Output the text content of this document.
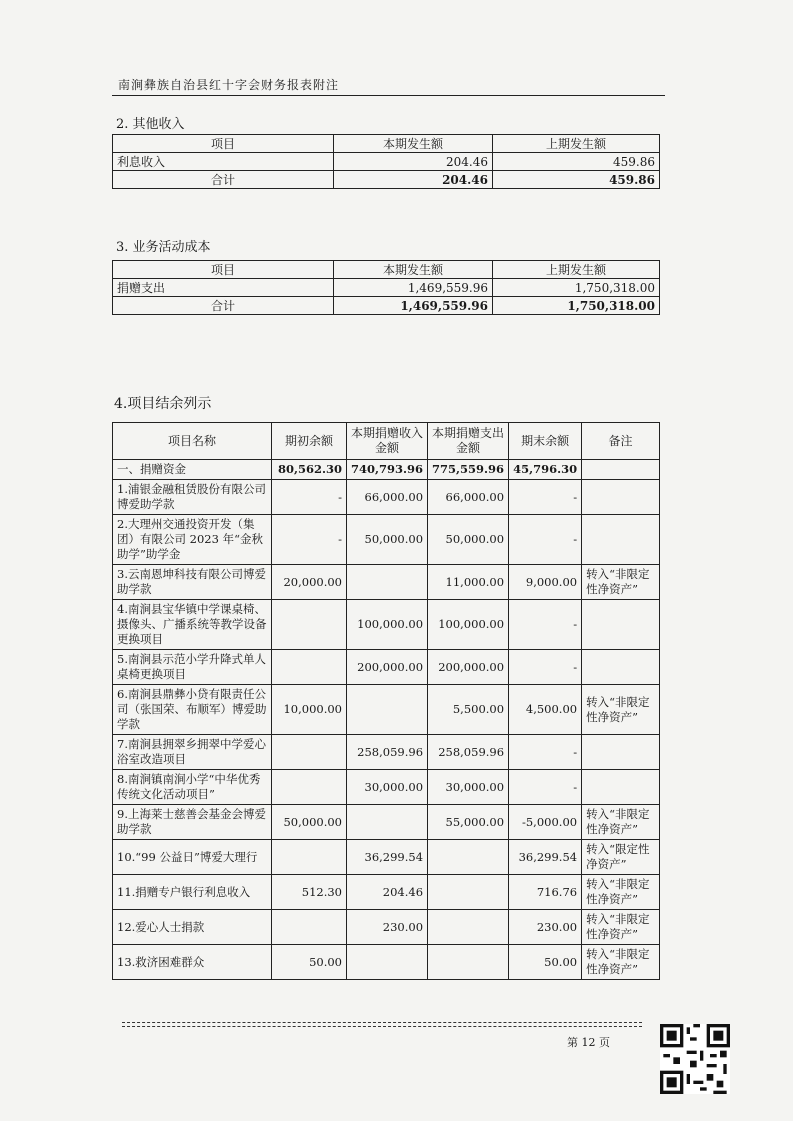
南涧彝族自治县红十字会财务报表附注
2. 其他收入
项目	本期发生额	上期发生额
利息收入	204.46	459.86
合计	204.46	459.86
3. 业务活动成本
项目	本期发生额	上期发生额
捐赠支出	1,469,559.96	1,750,318.00
合计	1,469,559.96	1,750,318.00
4.项目结余列示
项目名称	期初余额	本期捐赠收入金额	本期捐赠支出金额	期末余额	备注
一、捐赠资金	80,562.30	740,793.96	775,559.96	45,796.30	
1.浦银金融租赁股份有限公司博爱助学款	-	66,000.00	66,000.00	-	
2.大理州交通投资开发（集团）有限公司 2023 年“金秋助学”助学金	-	50,000.00	50,000.00	-	
3.云南恩坤科技有限公司博爱助学款	20,000.00		11,000.00	9,000.00	转入“非限定性净资产”
4.南涧县宝华镇中学课桌椅、摄像头、广播系统等教学设备更换项目		100,000.00	100,000.00	-	
5.南涧县示范小学升降式单人桌椅更换项目		200,000.00	200,000.00	-	
6.南涧县鼎彝小贷有限责任公司（张国荣、布顺军）博爱助学款	10,000.00		5,500.00	4,500.00	转入“非限定性净资产”
7.南涧县拥翠乡拥翠中学爱心浴室改造项目		258,059.96	258,059.96	-	
8.南涧镇南涧小学“中华优秀传统文化活动项目”		30,000.00	30,000.00	-	
9.上海莱士慈善会基金会博爱助学款	50,000.00		55,000.00	-5,000.00	转入“非限定性净资产”
10.“99 公益日”博爱大理行		36,299.54		36,299.54	转入“限定性净资产”
11.捐赠专户银行利息收入	512.30	204.46		716.76	转入“非限定性净资产”
12.爱心人士捐款		230.00		230.00	转入“非限定性净资产”
13.救济困难群众	50.00			50.00	转入“非限定性净资产”
第 12 页
